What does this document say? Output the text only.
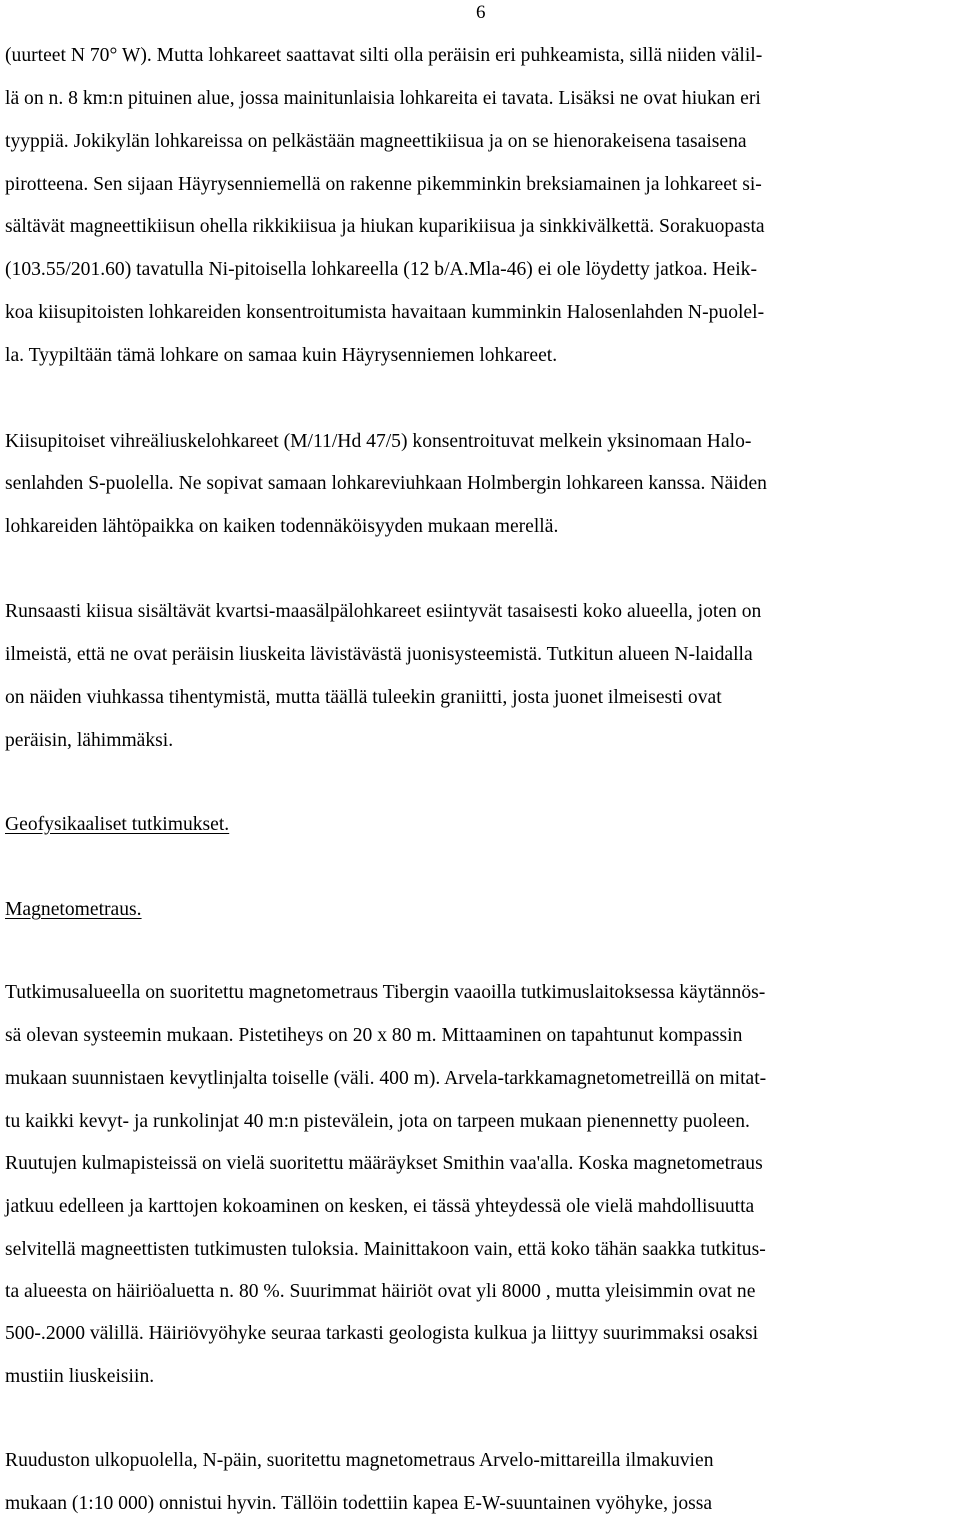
6
(uurteet N 70° W). Mutta lohkareet saattavat silti olla peräisin eri puhkeamista, sillä niiden välil-
lä on n. 8 km:n pituinen alue, jossa mainitunlaisia lohkareita ei tavata. Lisäksi ne ovat hiukan eri
tyyppiä. Jokikylän lohkareissa on pelkästään magneettikiisua ja on se hienorakeisena tasaisena
pirotteena. Sen sijaan Häyrysenniemellä on rakenne pikemminkin breksiamainen ja lohkareet si-
sältävät magneettikiisun ohella rikkikiisua ja hiukan kuparikiisua ja sinkkivälkettä. Sorakuopasta
(103.55/201.60) tavatulla Ni-pitoisella lohkareella (12 b/A.Mla-46) ei ole löydetty jatkoa. Heik-
koa kiisupitoisten lohkareiden konsentroitumista havaitaan kumminkin Halosenlahden N-puolel-
la. Tyypiltään tämä lohkare on samaa kuin Häyrysenniemen lohkareet.
Kiisupitoiset vihreäliuskelohkareet (M/11/Hd 47/5) konsentroituvat melkein yksinomaan Halo-
senlahden S-puolella. Ne sopivat samaan lohkareviuhkaan Holmbergin lohkareen kanssa. Näiden
lohkareiden lähtöpaikka on kaiken todennäköisyyden mukaan merellä.
Runsaasti kiisua sisältävät kvartsi-maasälpälohkareet esiintyvät tasaisesti koko alueella, joten on
ilmeistä, että ne ovat peräisin liuskeita lävistävästä juonisysteemistä. Tutkitun alueen N-laidalla
on näiden viuhkassa tihentymistä, mutta täällä tuleekin graniitti, josta juonet ilmeisesti ovat
peräisin, lähimmäksi.
Geofysikaaliset tutkimukset.
Magnetometraus.
Tutkimusalueella on suoritettu magnetometraus Tibergin vaaoilla tutkimuslaitoksessa käytännös-
sä olevan systeemin mukaan. Pistetiheys on 20 x 80 m. Mittaaminen on tapahtunut kompassin
mukaan suunnistaen kevytlinjalta toiselle (väli. 400 m). Arvela-tarkkamagnetometreillä on mitat-
tu kaikki kevyt- ja runkolinjat 40 m:n pistevälein, jota on tarpeen mukaan pienennetty puoleen.
Ruutujen kulmapisteissä on vielä suoritettu määräykset Smithin vaa'alla. Koska magnetometraus
jatkuu edelleen ja karttojen kokoaminen on kesken, ei tässä yhteydessä ole vielä mahdollisuutta
selvitellä magneettisten tutkimusten tuloksia. Mainittakoon vain, että koko tähän saakka tutkitus-
ta alueesta on häiriöaluetta n. 80 %. Suurimmat häiriöt ovat yli 8000 , mutta yleisimmin ovat ne
500-.2000 välillä. Häiriövyöhyke seuraa tarkasti geologista kulkua ja liittyy suurimmaksi osaksi
mustiin liuskeisiin.
Ruuduston ulkopuolella, N-päin, suoritettu magnetometraus Arvelo-mittareilla ilmakuvien
mukaan (1:10 000) onnistui hyvin. Tällöin todettiin kapea E-W-suuntainen vyöhyke, jossa
